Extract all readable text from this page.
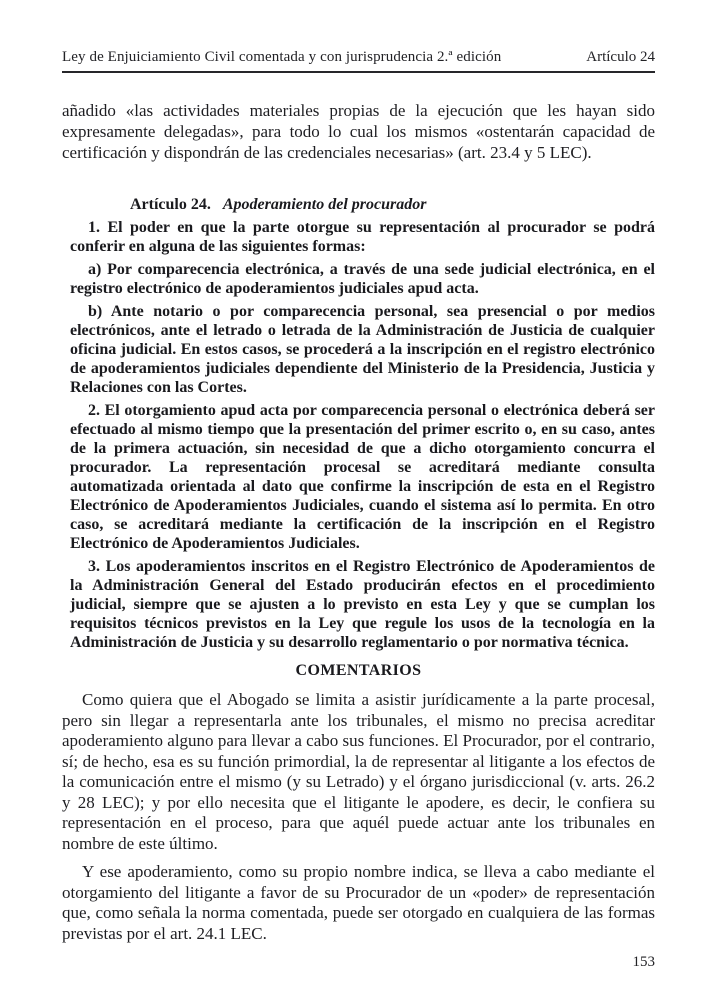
Ley de Enjuiciamiento Civil comentada y con jurisprudencia 2.ª edición	Artículo 24

añadido «las actividades materiales propias de la ejecución que les hayan sido expresamente delegadas», para todo lo cual los mismos «ostentarán capacidad de certificación y dispondrán de las credenciales necesarias» (art. 23.4 y 5 LEC).

Artículo 24. Apoderamiento del procurador

1. El poder en que la parte otorgue su representación al procurador se podrá conferir en alguna de las siguientes formas:

a) Por comparecencia electrónica, a través de una sede judicial electrónica, en el registro electrónico de apoderamientos judiciales apud acta.

b) Ante notario o por comparecencia personal, sea presencial o por medios electrónicos, ante el letrado o letrada de la Administración de Justicia de cualquier oficina judicial. En estos casos, se procederá a la inscripción en el registro electrónico de apoderamientos judiciales dependiente del Ministerio de la Presidencia, Justicia y Relaciones con las Cortes.

2. El otorgamiento apud acta por comparecencia personal o electrónica deberá ser efectuado al mismo tiempo que la presentación del primer escrito o, en su caso, antes de la primera actuación, sin necesidad de que a dicho otorgamiento concurra el procurador. La representación procesal se acreditará mediante consulta automatizada orientada al dato que confirme la inscripción de esta en el Registro Electrónico de Apoderamientos Judiciales, cuando el sistema así lo permita. En otro caso, se acreditará mediante la certificación de la inscripción en el Registro Electrónico de Apoderamientos Judiciales.

3. Los apoderamientos inscritos en el Registro Electrónico de Apoderamientos de la Administración General del Estado producirán efectos en el procedimiento judicial, siempre que se ajusten a lo previsto en esta Ley y que se cumplan los requisitos técnicos previstos en la Ley que regule los usos de la tecnología en la Administración de Justicia y su desarrollo reglamentario o por normativa técnica.

COMENTARIOS

Como quiera que el Abogado se limita a asistir jurídicamente a la parte procesal, pero sin llegar a representarla ante los tribunales, el mismo no precisa acreditar apoderamiento alguno para llevar a cabo sus funciones. El Procurador, por el contrario, sí; de hecho, esa es su función primordial, la de representar al litigante a los efectos de la comunicación entre el mismo (y su Letrado) y el órgano jurisdiccional (v. arts. 26.2 y 28 LEC); y por ello necesita que el litigante le apodere, es decir, le confiera su representación en el proceso, para que aquél puede actuar ante los tribunales en nombre de este último.

Y ese apoderamiento, como su propio nombre indica, se lleva a cabo mediante el otorgamiento del litigante a favor de su Procurador de un «poder» de representación que, como señala la norma comentada, puede ser otorgado en cualquiera de las formas previstas por el art. 24.1 LEC.

153
